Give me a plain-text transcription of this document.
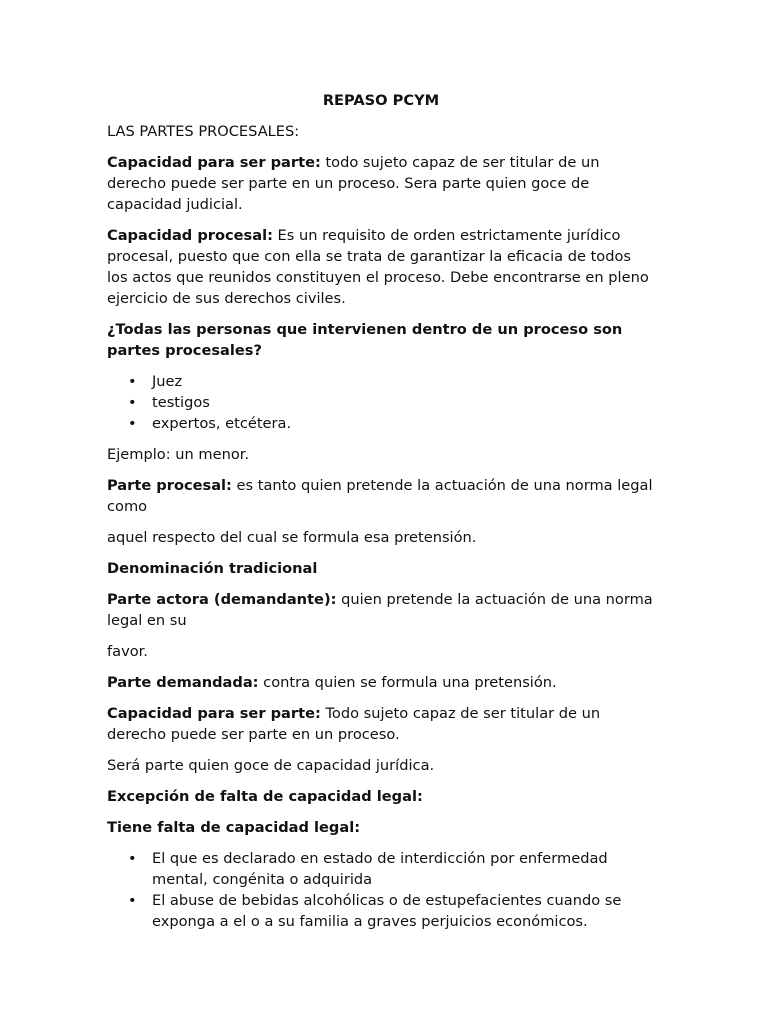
REPASO PCYM

LAS PARTES PROCESALES:

Capacidad para ser parte: todo sujeto capaz de ser titular de un derecho puede ser parte en un proceso. Sera parte quien goce de capacidad judicial.

Capacidad procesal: Es un requisito de orden estrictamente jurídico procesal, puesto que con ella se trata de garantizar la eficacia de todos los actos que reunidos constituyen el proceso. Debe encontrarse en pleno ejercicio de sus derechos civiles.

¿Todas las personas que intervienen dentro de un proceso son partes procesales?

• Juez
• testigos
• expertos, etcétera.

Ejemplo: un menor.

Parte procesal: es tanto quien pretende la actuación de una norma legal como

aquel respecto del cual se formula esa pretensión.

Denominación tradicional

Parte actora (demandante): quien pretende la actuación de una norma legal en su

favor.

Parte demandada: contra quien se formula una pretensión.

Capacidad para ser parte: Todo sujeto capaz de ser titular de un derecho puede ser parte en un proceso.

Será parte quien goce de capacidad jurídica.

Excepción de falta de capacidad legal:

Tiene falta de capacidad legal:

• El que es declarado en estado de interdicción por enfermedad mental, congénita o adquirida
• El abuse de bebidas alcohólicas o de estupefacientes cuando se exponga a el o a su familia a graves perjuicios económicos.
